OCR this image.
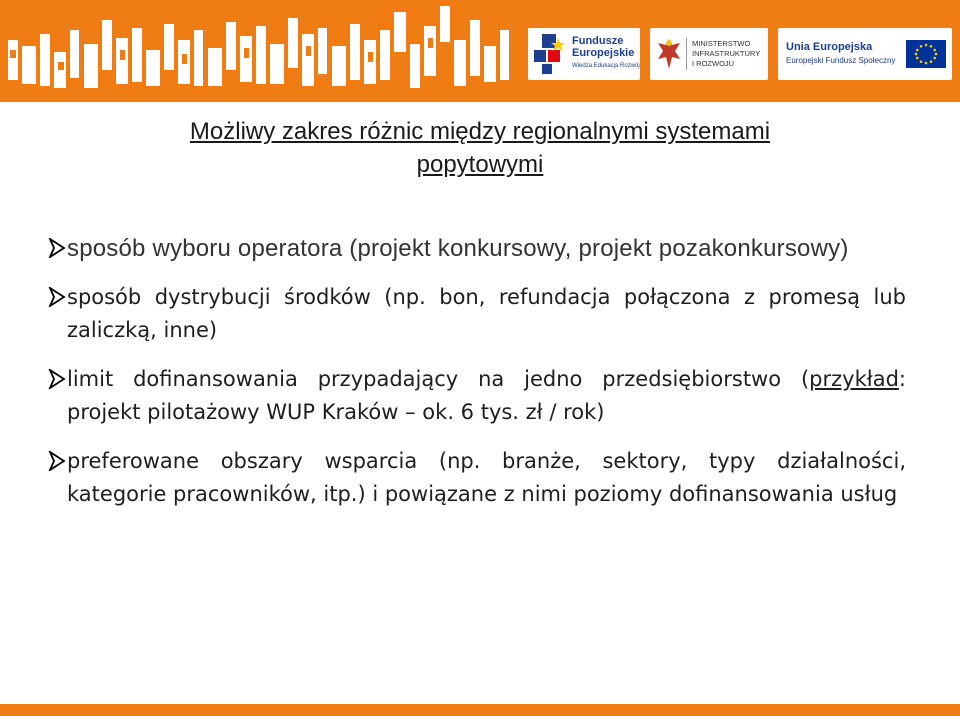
Fundusze
Europejskie
Wiedza Edukacja Rozwój
MINISTERSTWO
INFRASTRUKTURY
I ROZWOJU
Unia Europejska
Europejski Fundusz Społeczny
Możliwy zakres różnic między regionalnymi systemami
popytowymi
sposób wyboru operatora (projekt konkursowy, projekt pozakonkursowy)
sposób dystrybucji środków (np. bon, refundacja połączona z promesą lub zaliczką, inne)
limit dofinansowania przypadający na jedno przedsiębiorstwo (przykład: projekt pilotażowy WUP Kraków – ok. 6 tys. zł / rok)
preferowane obszary wsparcia (np. branże, sektory, typy działalności, kategorie pracowników, itp.) i powiązane z nimi poziomy dofinansowania usług
